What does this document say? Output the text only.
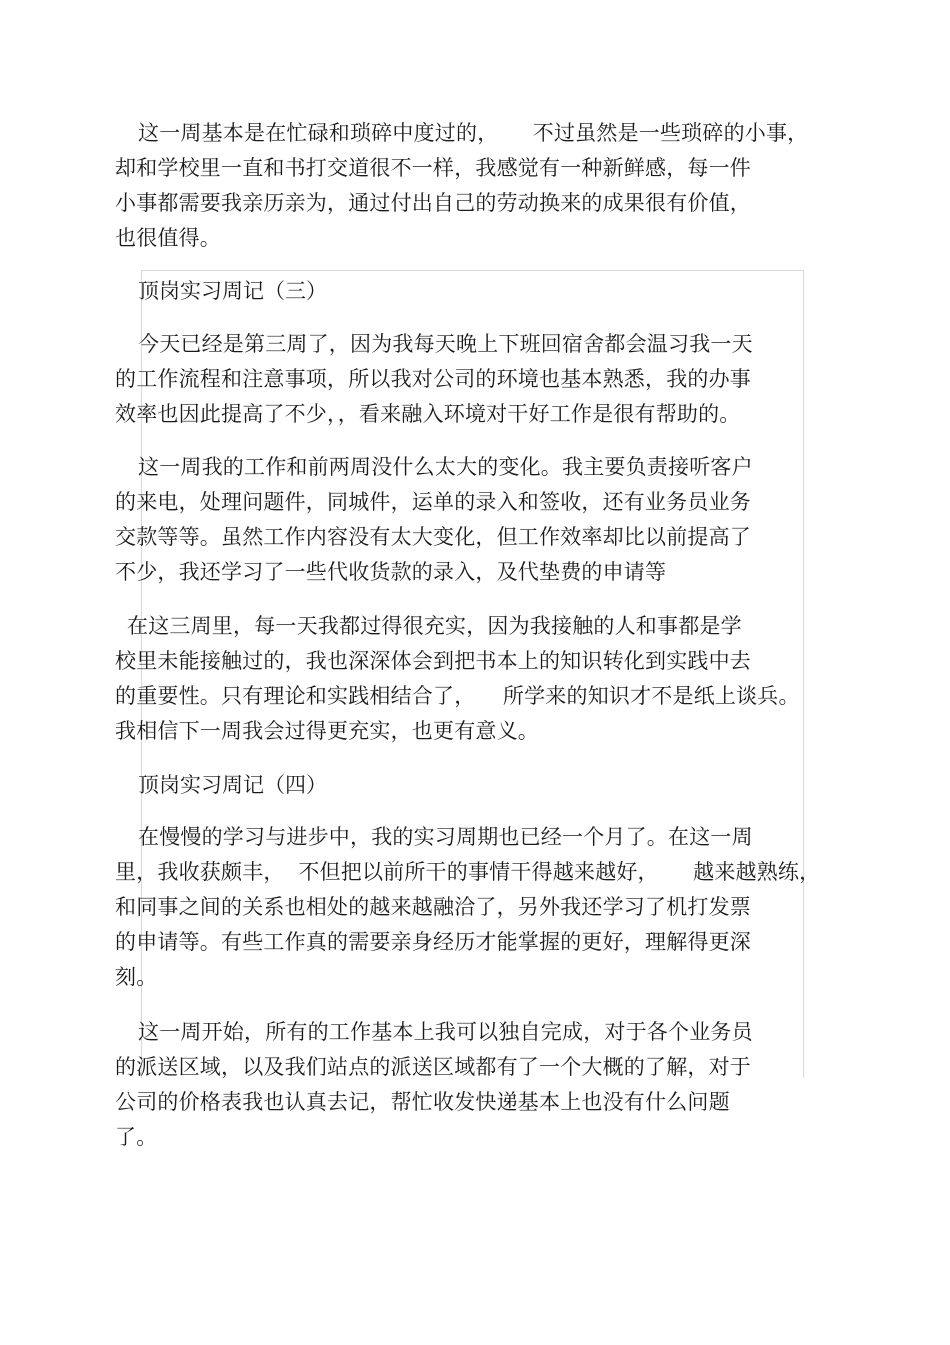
这一周基本是在忙碌和琐碎中度过的，     不过虽然是一些琐碎的小事，
却和学校里一直和书打交道很不一样，我感觉有一种新鲜感，每一件
小事都需要我亲历亲为，通过付出自己的劳动换来的成果很有价值，
也很值得。

顶岗实习周记（三）

今天已经是第三周了，因为我每天晚上下班回宿舍都会温习我一天
的工作流程和注意事项，所以我对公司的环境也基本熟悉，我的办事
效率也因此提高了不少，，看来融入环境对干好工作是很有帮助的。

这一周我的工作和前两周没什么太大的变化。我主要负责接听客户
的来电，处理问题件，同城件，运单的录入和签收，还有业务员业务
交款等等。虽然工作内容没有太大变化，但工作效率却比以前提高了
不少，我还学习了一些代收货款的录入，及代垫费的申请等

在这三周里，每一天我都过得很充实，因为我接触的人和事都是学
校里未能接触过的，我也深深体会到把书本上的知识转化到实践中去
的重要性。只有理论和实践相结合了，    所学来的知识才不是纸上谈兵。
我相信下一周我会过得更充实，也更有意义。

顶岗实习周记（四）

在慢慢的学习与进步中，我的实习周期也已经一个月了。在这一周
里，我收获颇丰，  不但把以前所干的事情干得越来越好，     越来越熟练，
和同事之间的关系也相处的越来越融洽了，另外我还学习了机打发票
的申请等。有些工作真的需要亲身经历才能掌握的更好，理解得更深
刻。

这一周开始，所有的工作基本上我可以独自完成，对于各个业务员
的派送区域，以及我们站点的派送区域都有了一个大概的了解，对于
公司的价格表我也认真去记，帮忙收发快递基本上也没有什么问题
了。
